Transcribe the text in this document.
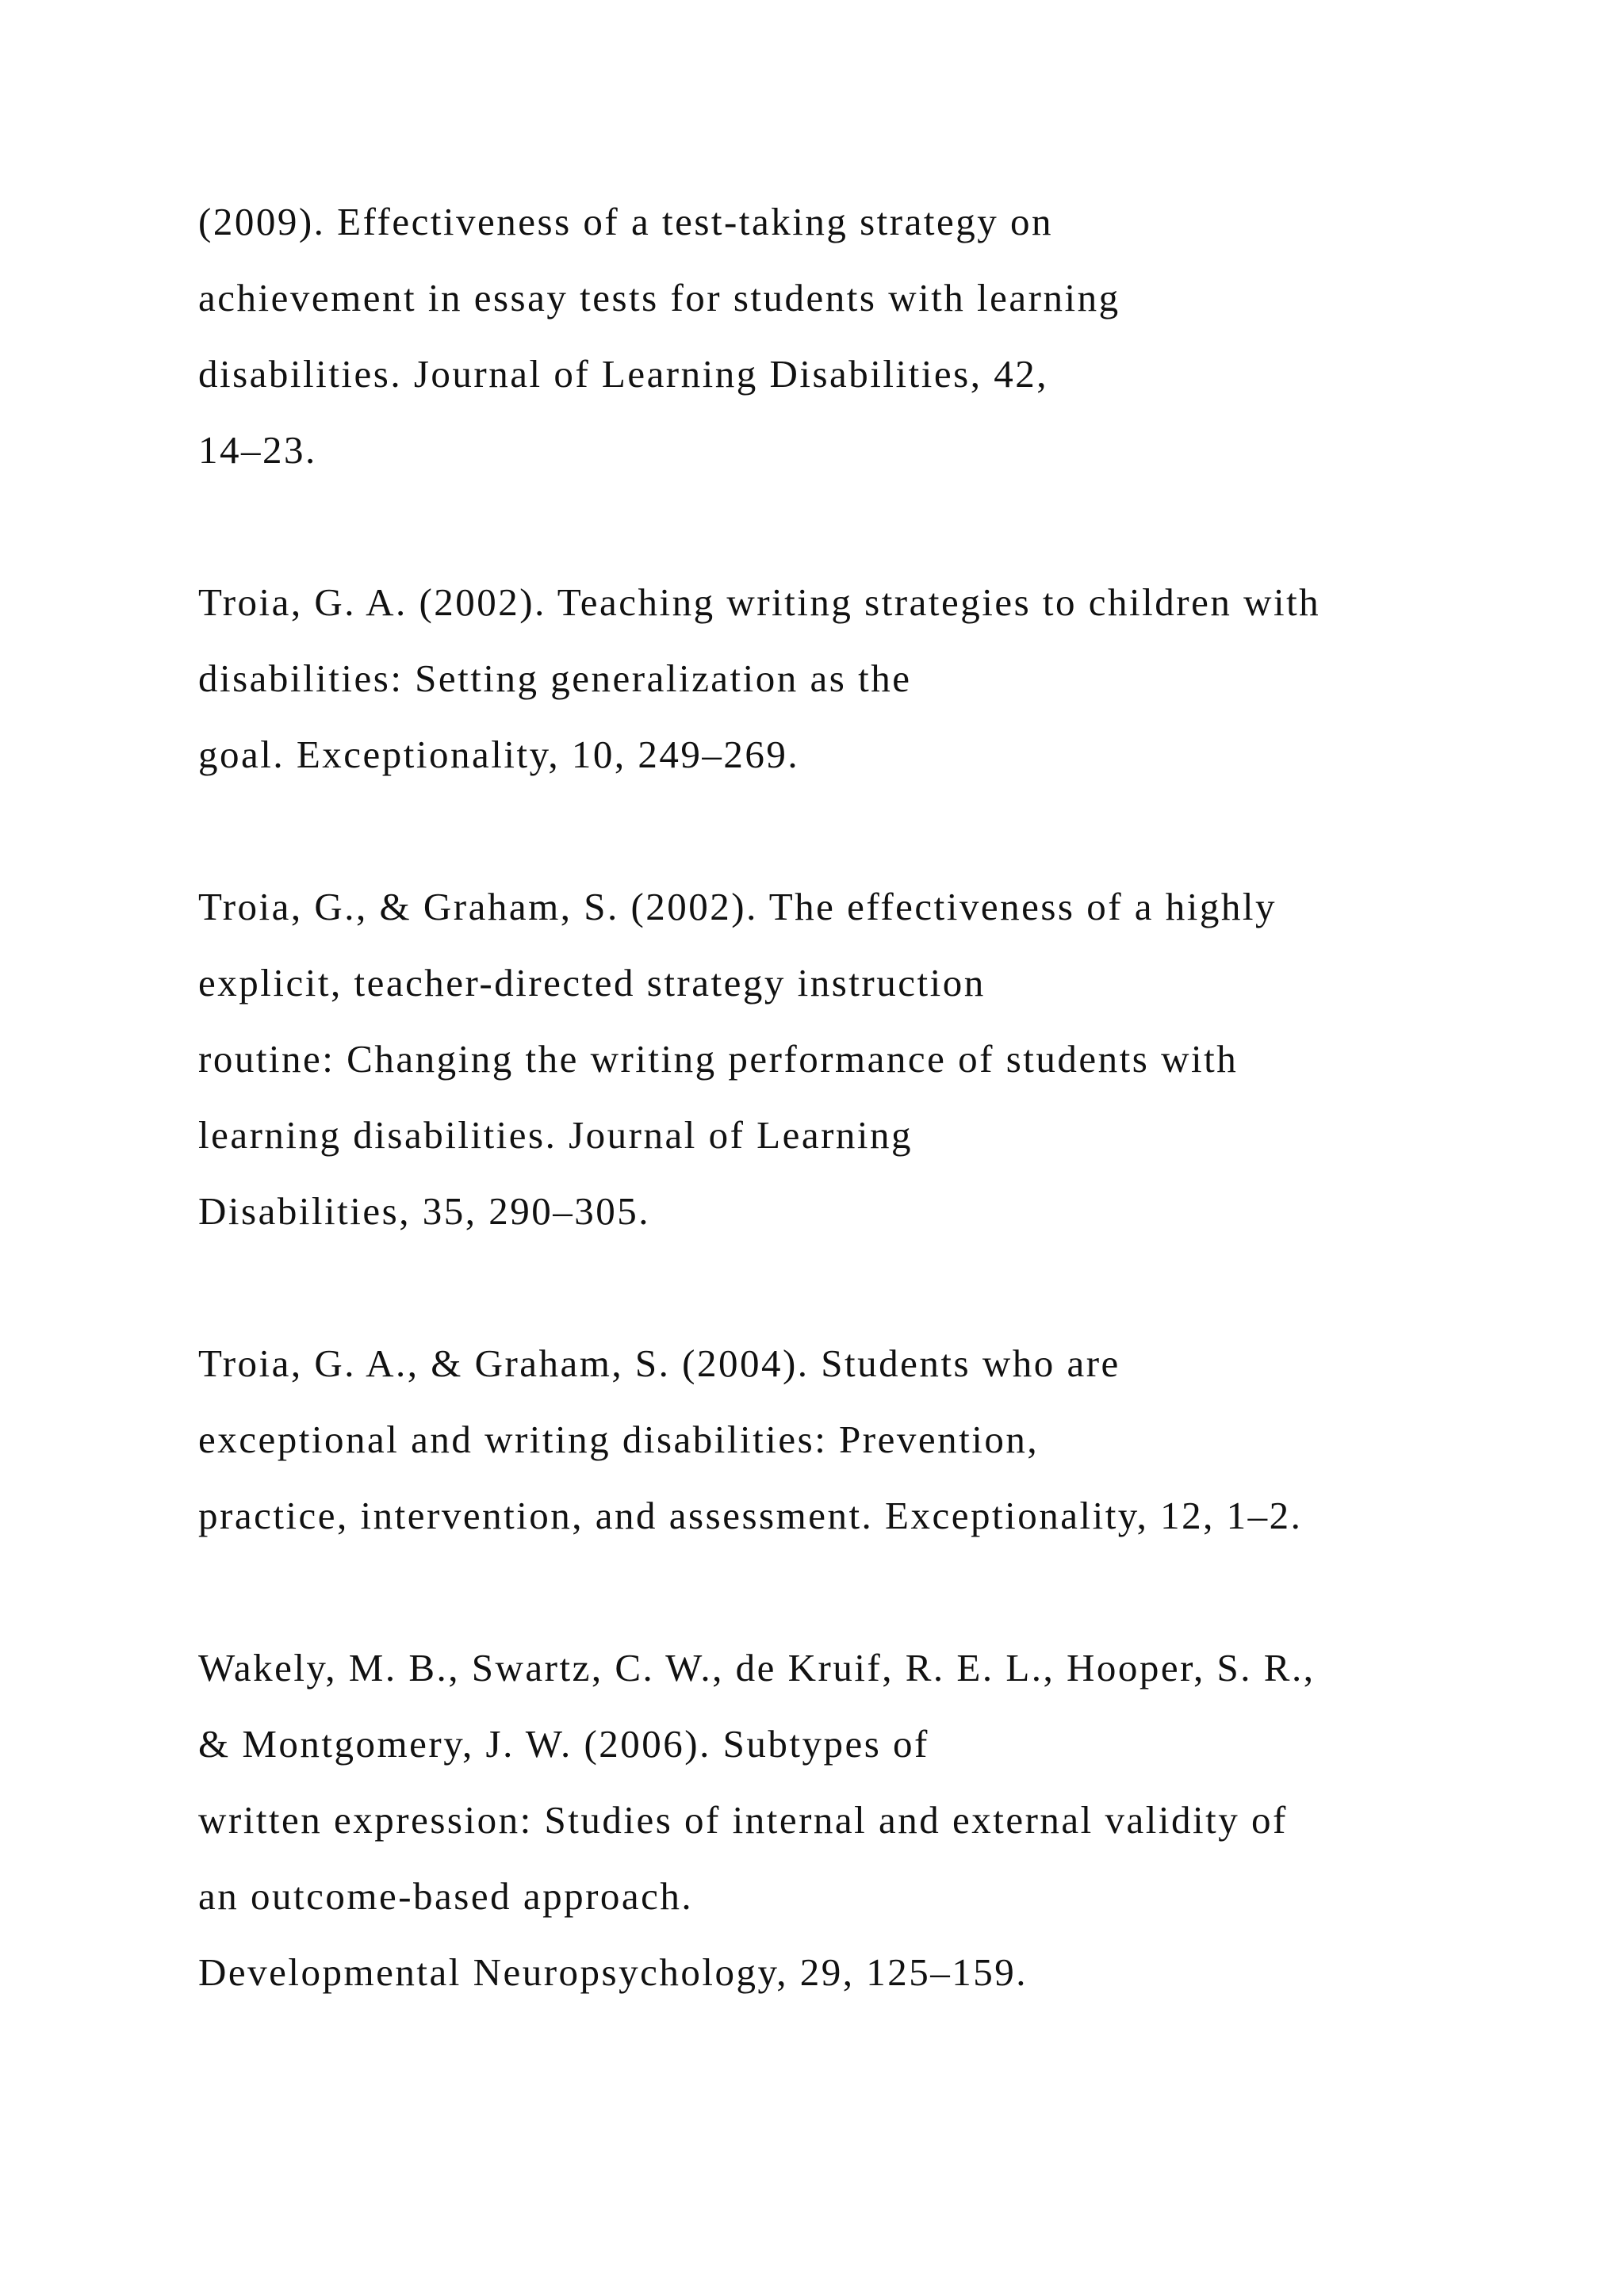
(2009). Effectiveness of a test-taking strategy on
achievement in essay tests for students with learning
disabilities. Journal of Learning Disabilities, 42,
14–23.
Troia, G. A. (2002). Teaching writing strategies to children with
disabilities: Setting generalization as the
goal. Exceptionality, 10, 249–269.
Troia, G., & Graham, S. (2002). The effectiveness of a highly
explicit, teacher-directed strategy instruction
routine: Changing the writing performance of students with
learning disabilities. Journal of Learning
Disabilities, 35, 290–305.
Troia, G. A., & Graham, S. (2004). Students who are
exceptional and writing disabilities: Prevention,
practice, intervention, and assessment. Exceptionality, 12, 1–2.
Wakely, M. B., Swartz, C. W., de Kruif, R. E. L., Hooper, S. R.,
& Montgomery, J. W. (2006). Subtypes of
written expression: Studies of internal and external validity of
an outcome-based approach.
Developmental Neuropsychology, 29, 125–159.
